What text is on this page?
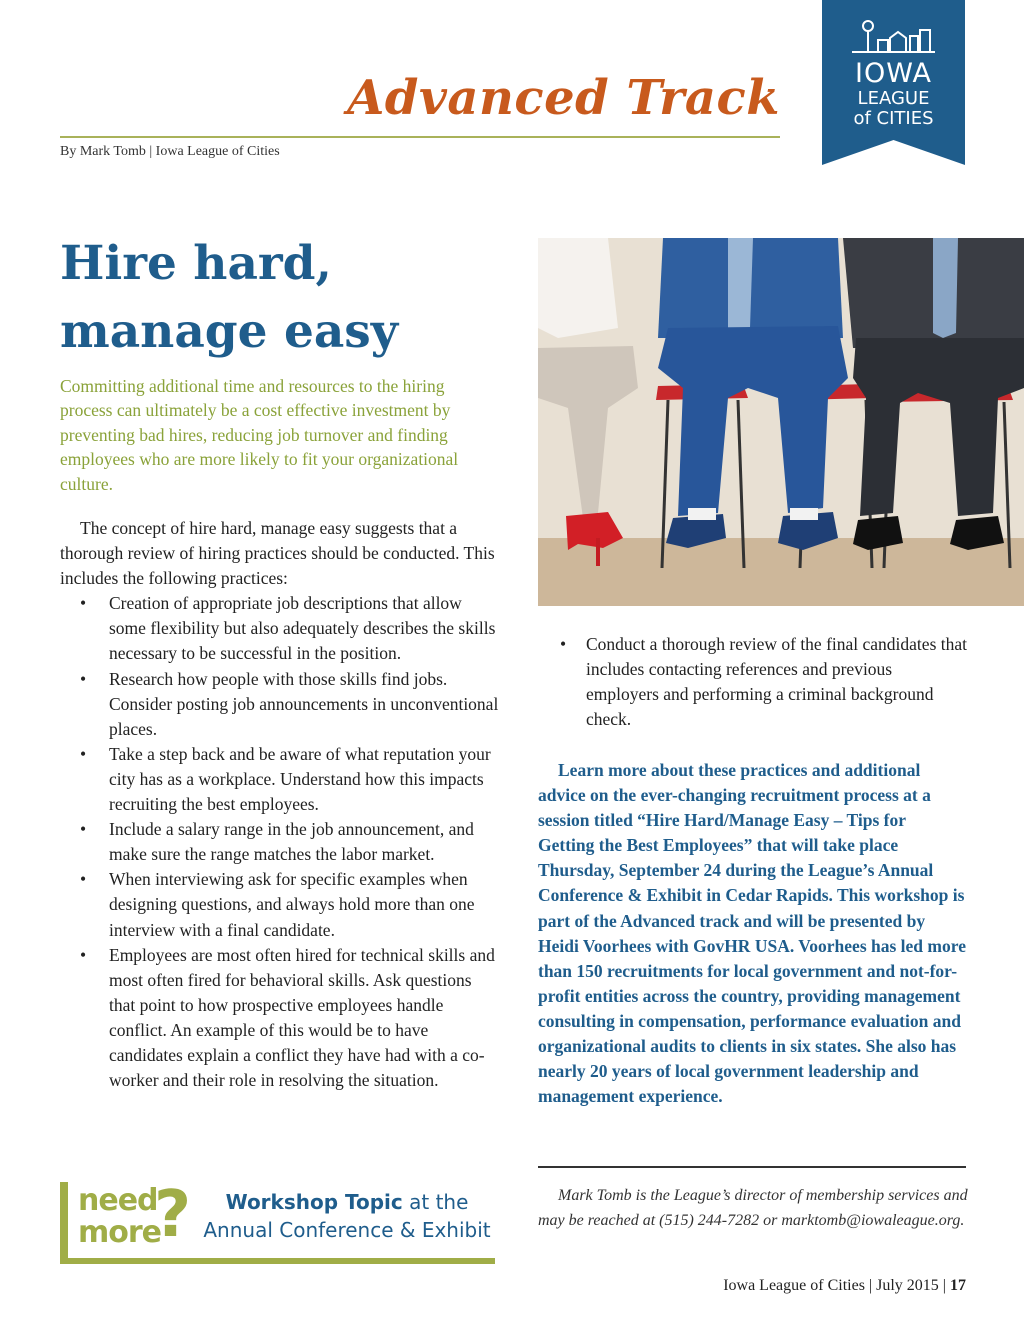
Advanced Track
By Mark Tomb | Iowa League of Cities
IOWA
LEAGUE
of CITIES
Hire hard,
manage easy

Committing additional time and resources to the hiring process can ultimately be a cost effective investment by preventing bad hires, reducing job turnover and finding employees who are more likely to fit your organizational culture.

The concept of hire hard, manage easy suggests that a thorough review of hiring practices should be conducted. This includes the following practices:

• Creation of appropriate job descriptions that allow some flexibility but also adequately describes the skills necessary to be successful in the position.
• Research how people with those skills find jobs. Consider posting job announcements in unconventional places.
• Take a step back and be aware of what reputation your city has as a workplace. Understand how this impacts recruiting the best employees.
• Include a salary range in the job announcement, and make sure the range matches the labor market.
• When interviewing ask for specific examples when designing questions, and always hold more than one interview with a final candidate.
• Employees are most often hired for technical skills and most often fired for behavioral skills. Ask questions that point to how prospective employees handle conflict. An example of this would be to have candidates explain a conflict they have had with a co-worker and their role in resolving the situation.
•	Conduct a thorough review of the final candidates that includes contacting references and previous employers and performing a criminal background check.

Learn more about these practices and additional advice on the ever-changing recruitment process at a session titled “Hire Hard/Manage Easy – Tips for Getting the Best Employees” that will take place Thursday, September 24 during the League’s Annual Conference & Exhibit in Cedar Rapids. This workshop is part of the Advanced track and will be presented by Heidi Voorhees with GovHR USA. Voorhees has led more than 150 recruitments for local government and not-for-profit entities across the country, providing management consulting in compensation, performance evaluation and organizational audits to clients in six states. She also has nearly 20 years of local government leadership and management experience.

Mark Tomb is the League’s director of membership services and may be reached at (515) 244-7282 or marktomb@iowaleague.org.

need
more
?	Workshop Topic at the
Annual Conference & Exhibit
Iowa League of Cities | July 2015 | 17
